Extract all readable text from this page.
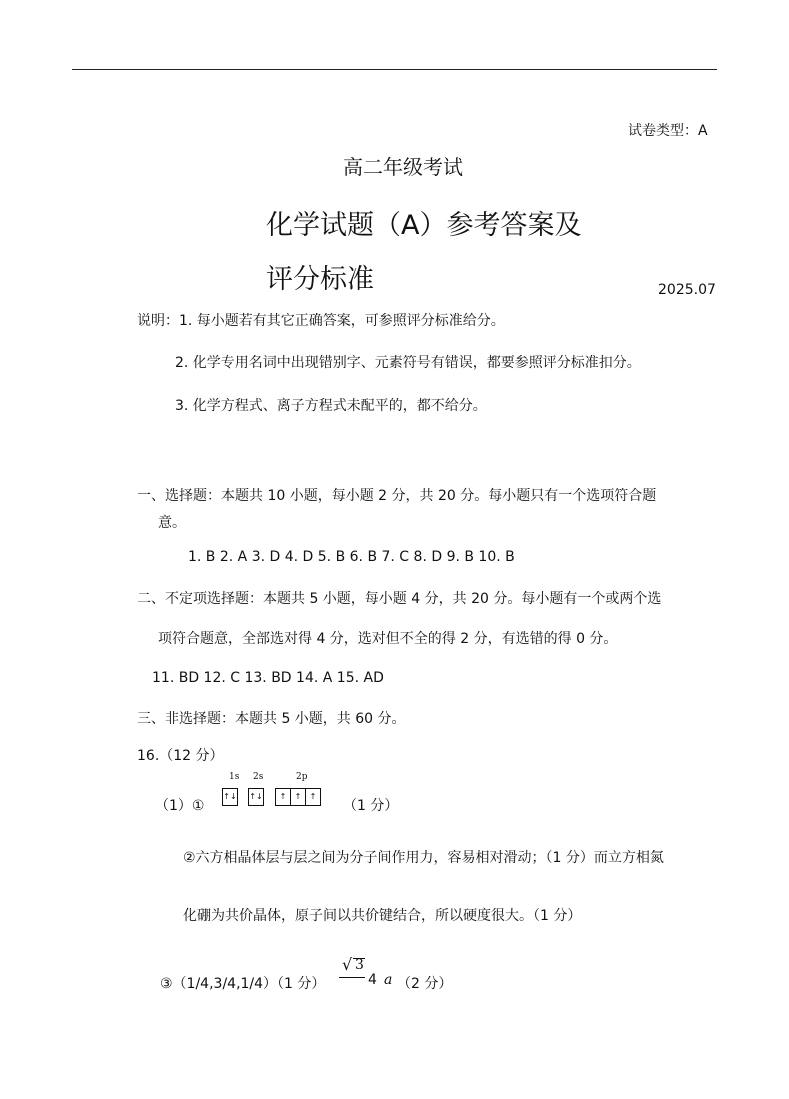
试卷类型：A
高二年级考试
化学试题（A）参考答案及
评分标准	2025.07
说明：1. 每小题若有其它正确答案，可参照评分标准给分。
2. 化学专用名词中出现错别字、元素符号有错误，都要参照评分标准扣分。
3. 化学方程式、离子方程式未配平的，都不给分。
一、选择题：本题共 10 小题，每小题 2 分，共 20 分。每小题只有一个选项符合题
意。
1. B 2. A 3. D 4. D 5. B 6. B 7. C 8. D 9. B 10. B
二、不定项选择题：本题共 5 小题，每小题 4 分，共 20 分。每小题有一个或两个选
项符合题意，全部选对得 4 分，选对但不全的得 2 分，有选错的得 0 分。
11. BD 12. C 13. BD 14. A 15. AD
三、非选择题：本题共 5 小题，共 60 分。
16.（12 分）
（1）①
1s 2s	2p
↑↓ ↑↓	↑	↑	↑
（1 分）
②六方相晶体层与层之间为分子间作用力，容易相对滑动；（1 分）而立方相氮
化硼为共价晶体，原子间以共价键结合，所以硬度很大。（1 分）
③（1/4,3/4,1/4）（1 分）
√ 3
4 a （2 分）
